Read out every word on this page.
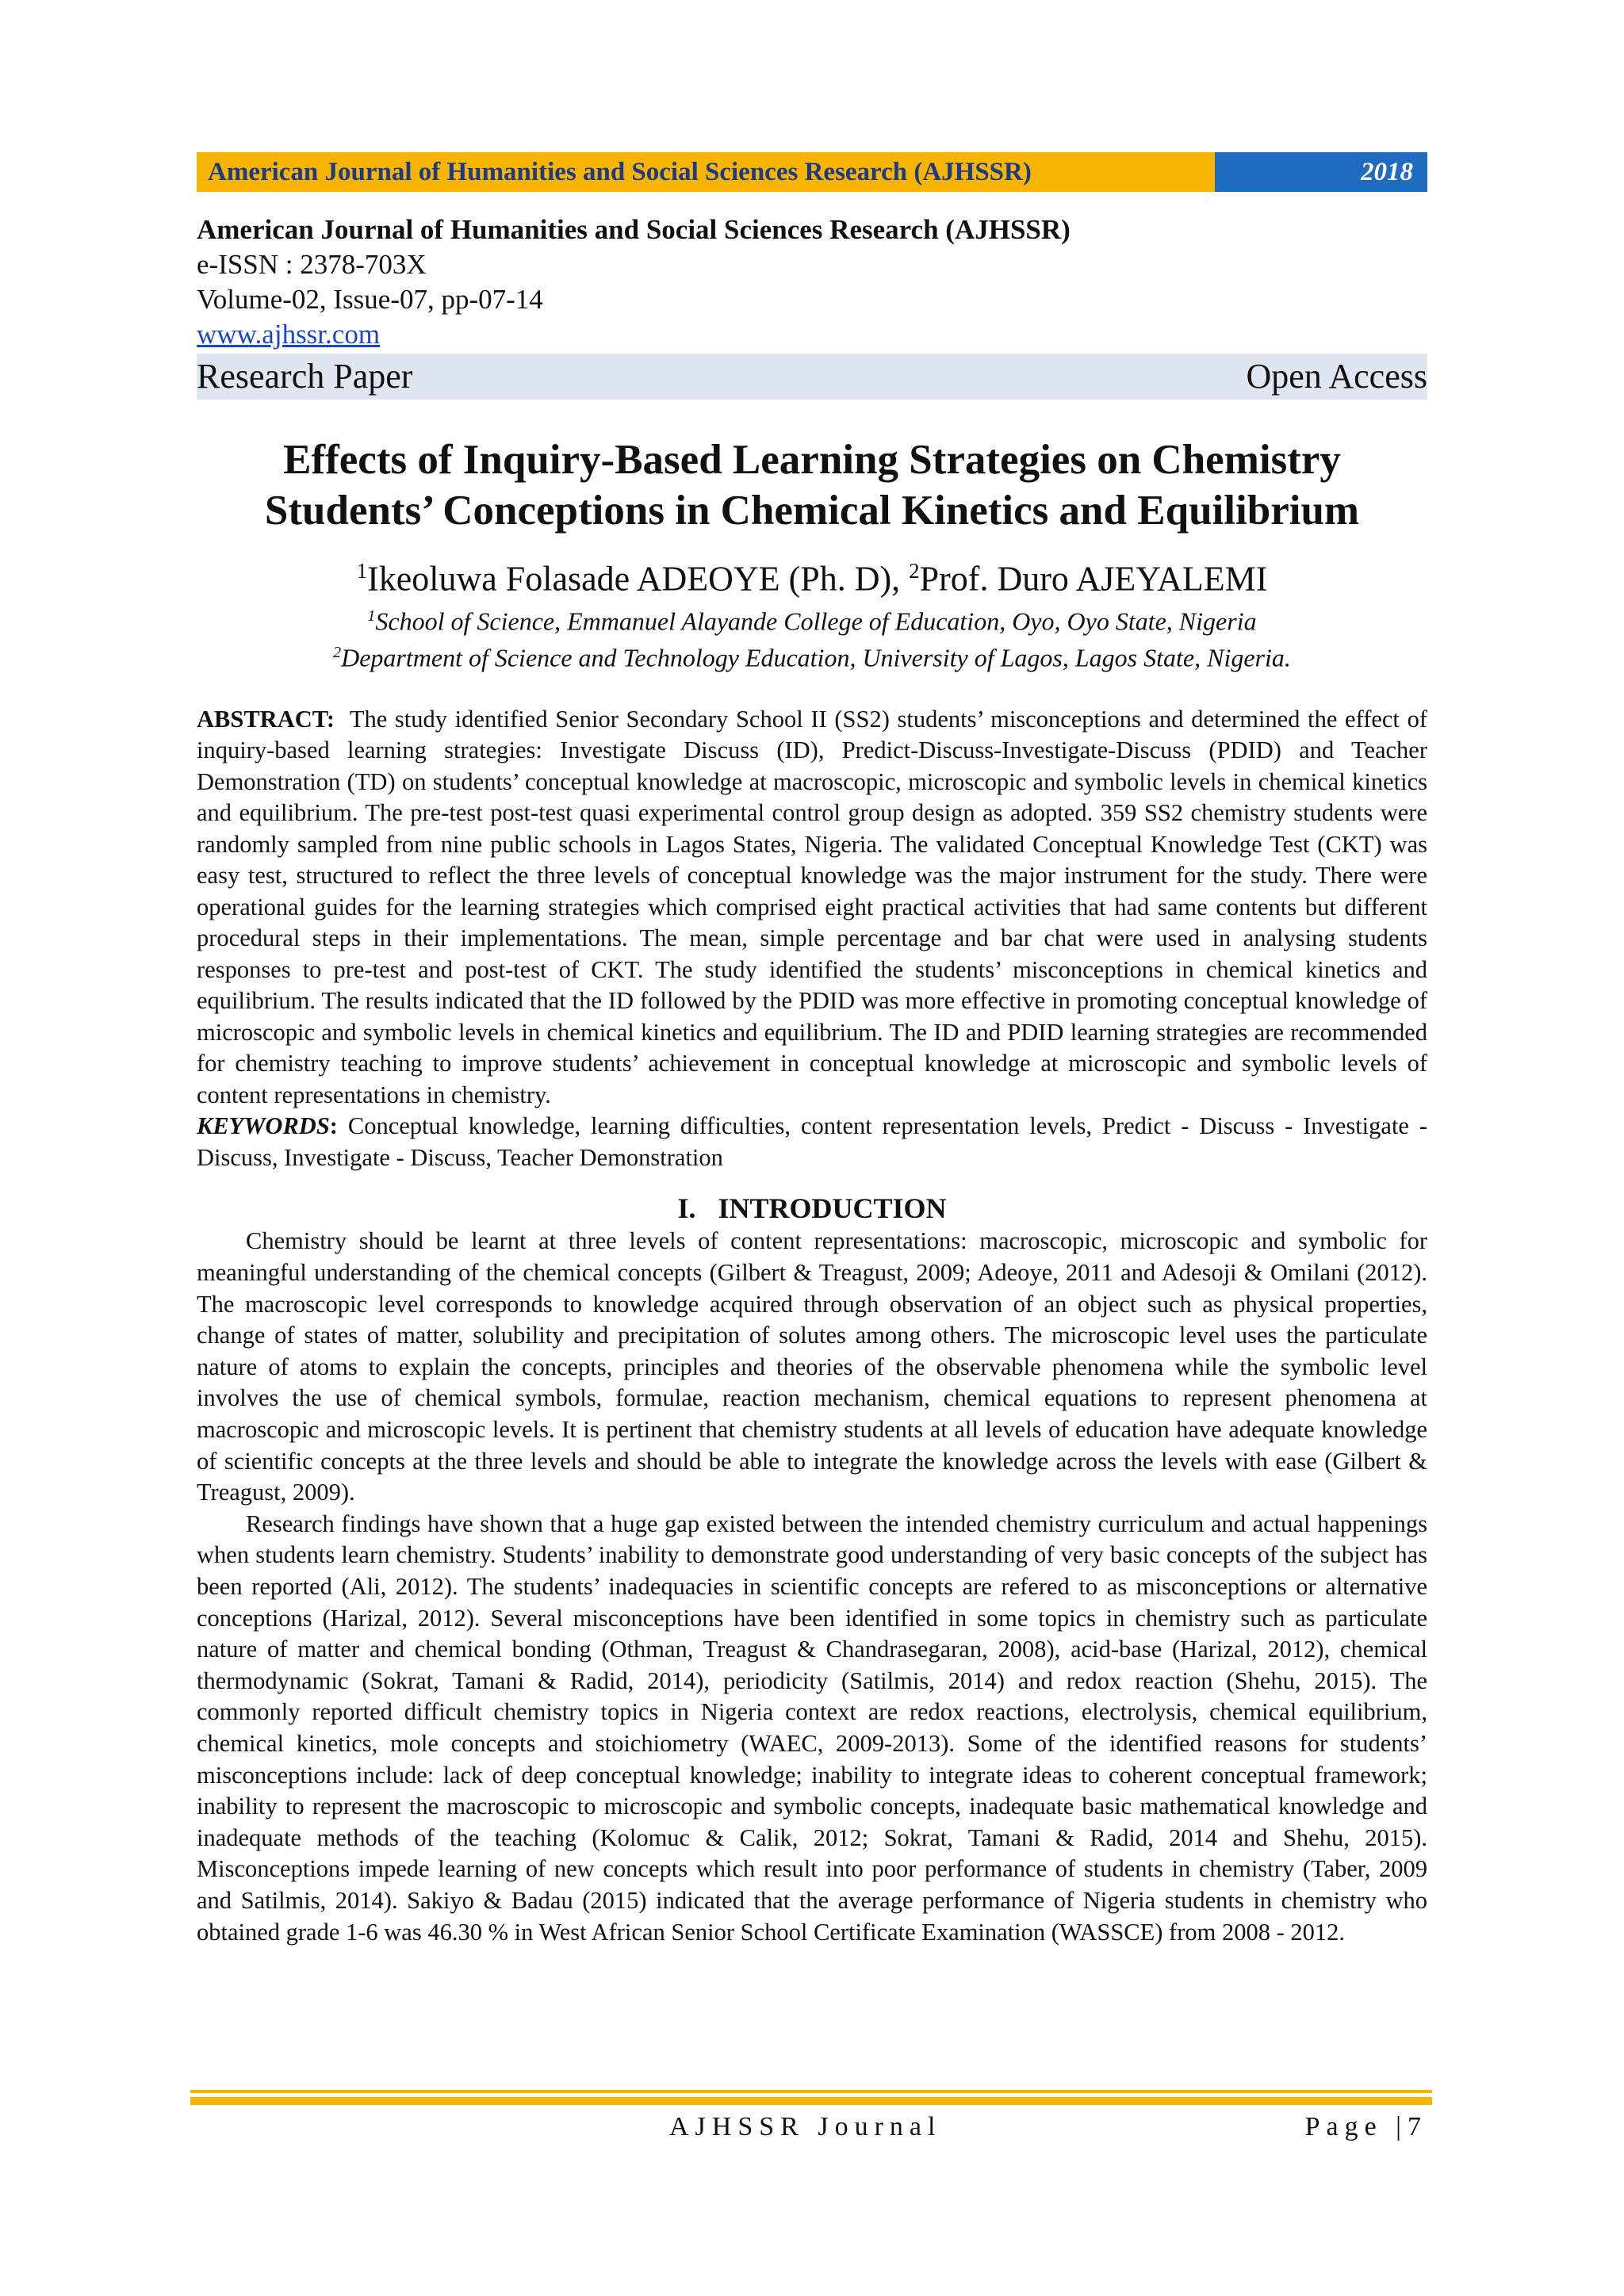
American Journal of Humanities and Social Sciences Research (AJHSSR)	2018
American Journal of Humanities and Social Sciences Research (AJHSSR)
e-ISSN : 2378-703X
Volume-02, Issue-07, pp-07-14
www.ajhssr.com
Research Paper	Open Access
Effects of Inquiry-Based Learning Strategies on Chemistry
Students’ Conceptions in Chemical Kinetics and Equilibrium
$^1$Ikeoluwa Folasade ADEOYE (Ph. D), $^2$Prof. Duro AJEYALEMI
$^1$School of Science, Emmanuel Alayande College of Education, Oyo, Oyo State, Nigeria
$^2$Department of Science and Technology Education, University of Lagos, Lagos State, Nigeria.
ABSTRACT: The study identified Senior Secondary School II (SS2) students’ misconceptions and determined the effect of inquiry-based learning strategies: Investigate Discuss (ID), Predict-Discuss-Investigate-Discuss (PDID) and Teacher Demonstration (TD) on students’ conceptual knowledge at macroscopic, microscopic and symbolic levels in chemical kinetics and equilibrium. The pre-test post-test quasi experimental control group design as adopted. 359 SS2 chemistry students were randomly sampled from nine public schools in Lagos States, Nigeria. The validated Conceptual Knowledge Test (CKT) was easy test, structured to reflect the three levels of conceptual knowledge was the major instrument for the study. There were operational guides for the learning strategies which comprised eight practical activities that had same contents but different procedural steps in their implementations. The mean, simple percentage and bar chat were used in analysing students responses to pre-test and post-test of CKT. The study identified the students’ misconceptions in chemical kinetics and equilibrium. The results indicated that the ID followed by the PDID was more effective in promoting conceptual knowledge of microscopic and symbolic levels in chemical kinetics and equilibrium. The ID and PDID learning strategies are recommended for chemistry teaching to improve students’ achievement in conceptual knowledge at microscopic and symbolic levels of content representations in chemistry.
KEYWORDS: Conceptual knowledge, learning difficulties, content representation levels, Predict - Discuss - Investigate - Discuss, Investigate - Discuss, Teacher Demonstration
I. INTRODUCTION

Chemistry should be learnt at three levels of content representations: macroscopic, microscopic and symbolic for meaningful understanding of the chemical concepts (Gilbert & Treagust, 2009; Adeoye, 2011 and Adesoji & Omilani (2012). The macroscopic level corresponds to knowledge acquired through observation of an object such as physical properties, change of states of matter, solubility and precipitation of solutes among others. The microscopic level uses the particulate nature of atoms to explain the concepts, principles and theories of the observable phenomena while the symbolic level involves the use of chemical symbols, formulae, reaction mechanism, chemical equations to represent phenomena at macroscopic and microscopic levels. It is pertinent that chemistry students at all levels of education have adequate knowledge of scientific concepts at the three levels and should be able to integrate the knowledge across the levels with ease (Gilbert & Treagust, 2009).

Research findings have shown that a huge gap existed between the intended chemistry curriculum and actual happenings when students learn chemistry. Students’ inability to demonstrate good understanding of very basic concepts of the subject has been reported (Ali, 2012). The students’ inadequacies in scientific concepts are refered to as misconceptions or alternative conceptions (Harizal, 2012). Several misconceptions have been identified in some topics in chemistry such as particulate nature of matter and chemical bonding (Othman, Treagust & Chandrasegaran, 2008), acid-base (Harizal, 2012), chemical thermodynamic (Sokrat, Tamani & Radid, 2014), periodicity (Satilmis, 2014) and redox reaction (Shehu, 2015). The commonly reported difficult chemistry topics in Nigeria context are redox reactions, electrolysis, chemical equilibrium, chemical kinetics, mole concepts and stoichiometry (WAEC, 2009-2013). Some of the identified reasons for students’ misconceptions include: lack of deep conceptual knowledge; inability to integrate ideas to coherent conceptual framework; inability to represent the macroscopic to microscopic and symbolic concepts, inadequate basic mathematical knowledge and inadequate methods of the teaching (Kolomuc & Calik, 2012; Sokrat, Tamani & Radid, 2014 and Shehu, 2015). Misconceptions impede learning of new concepts which result into poor performance of students in chemistry (Taber, 2009 and Satilmis, 2014). Sakiyo & Badau (2015) indicated that the average performance of Nigeria students in chemistry who obtained grade 1-6 was 46.30 % in West African Senior School Certificate Examination (WASSCE) from 2008 - 2012.

AJHSSR Journal	Page |7
